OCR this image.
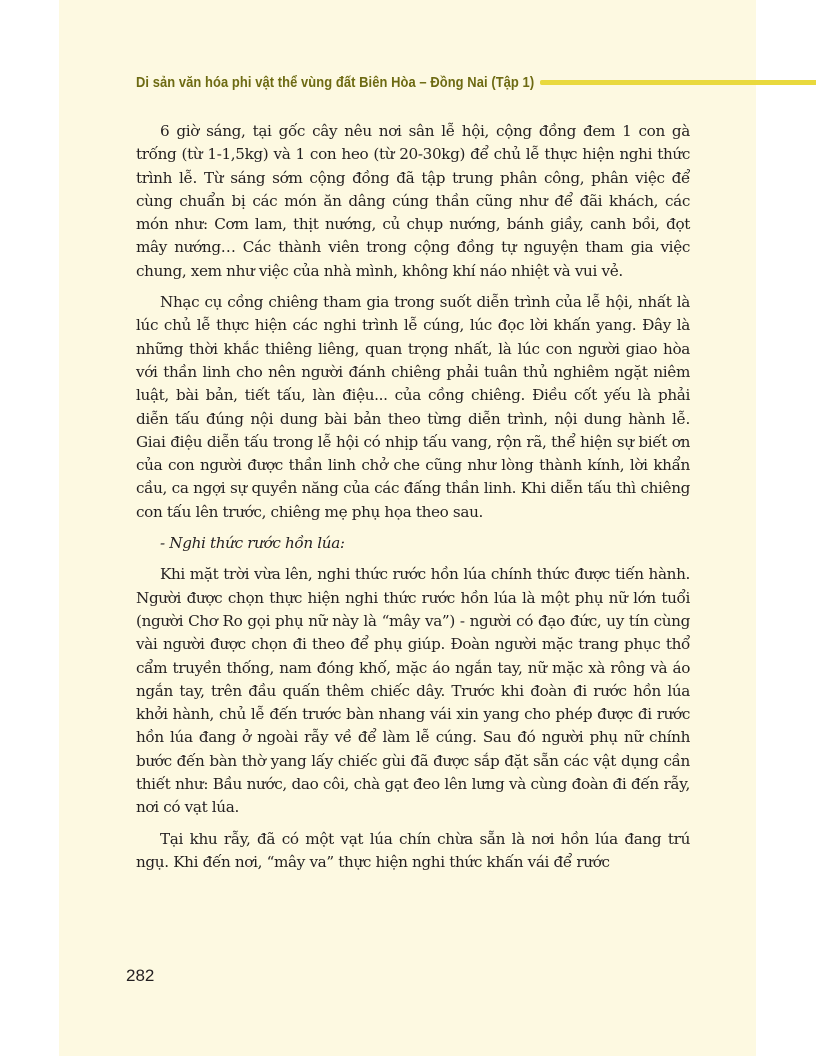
Di sản văn hóa phi vật thể vùng đất Biên Hòa – Đồng Nai (Tập 1)

6 giờ sáng, tại gốc cây nêu nơi sân lễ hội, cộng đồng đem 1 con gà trống (từ 1-1,5kg) và 1 con heo (từ 20-30kg) để chủ lễ thực hiện nghi thức trình lễ. Từ sáng sớm cộng đồng đã tập trung phân công, phân việc để cùng chuẩn bị các món ăn dâng cúng thần cũng như để đãi khách, các món như: Cơm lam, thịt nướng, củ chụp nướng, bánh giầy, canh bồi, đọt mây nướng… Các thành viên trong cộng đồng tự nguyện tham gia việc chung, xem như việc của nhà mình, không khí náo nhiệt và vui vẻ.

Nhạc cụ cồng chiêng tham gia trong suốt diễn trình của lễ hội, nhất là lúc chủ lễ thực hiện các nghi trình lễ cúng, lúc đọc lời khấn yang. Đây là những thời khắc thiêng liêng, quan trọng nhất, là lúc con người giao hòa với thần linh cho nên người đánh chiêng phải tuân thủ nghiêm ngặt niêm luật, bài bản, tiết tấu, làn điệu... của cồng chiêng. Điều cốt yếu là phải diễn tấu đúng nội dung bài bản theo từng diễn trình, nội dung hành lễ. Giai điệu diễn tấu trong lễ hội có nhịp tấu vang, rộn rã, thể hiện sự biết ơn của con người được thần linh chở che cũng như lòng thành kính, lời khẩn cầu, ca ngợi sự quyền năng của các đấng thần linh. Khi diễn tấu thì chiêng con tấu lên trước, chiêng mẹ phụ họa theo sau.

- Nghi thức rước hồn lúa:

Khi mặt trời vừa lên, nghi thức rước hồn lúa chính thức được tiến hành. Người được chọn thực hiện nghi thức rước hồn lúa là một phụ nữ lớn tuổi (người Chơ Ro gọi phụ nữ này là “mây va”) - người có đạo đức, uy tín cùng vài người được chọn đi theo để phụ giúp. Đoàn người mặc trang phục thổ cẩm truyền thống, nam đóng khố, mặc áo ngắn tay, nữ mặc xà rông và áo ngắn tay, trên đầu quấn thêm chiếc dây. Trước khi đoàn đi rước hồn lúa khởi hành, chủ lễ đến trước bàn nhang vái xin yang cho phép được đi rước hồn lúa đang ở ngoài rẫy về để làm lễ cúng. Sau đó người phụ nữ chính bước đến bàn thờ yang lấy chiếc gùi đã được sắp đặt sẵn các vật dụng cần thiết như: Bầu nước, dao côi, chà gạt đeo lên lưng và cùng đoàn đi đến rẫy, nơi có vạt lúa.

Tại khu rẫy, đã có một vạt lúa chín chừa sẵn là nơi hồn lúa đang trú ngụ. Khi đến nơi, “mây va” thực hiện nghi thức khấn vái để rước

282
